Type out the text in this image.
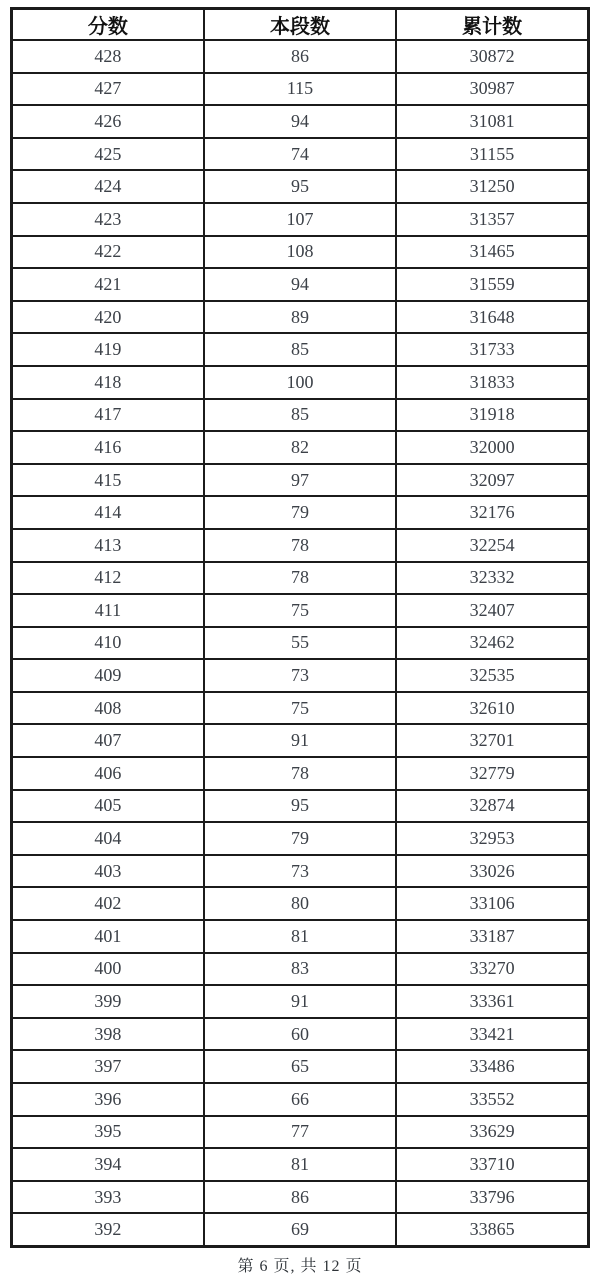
分数	本段数	累计数
428	86	30872
427	115	30987
426	94	31081
425	74	31155
424	95	31250
423	107	31357
422	108	31465
421	94	31559
420	89	31648
419	85	31733
418	100	31833
417	85	31918
416	82	32000
415	97	32097
414	79	32176
413	78	32254
412	78	32332
411	75	32407
410	55	32462
409	73	32535
408	75	32610
407	91	32701
406	78	32779
405	95	32874
404	79	32953
403	73	33026
402	80	33106
401	81	33187
400	83	33270
399	91	33361
398	60	33421
397	65	33486
396	66	33552
395	77	33629
394	81	33710
393	86	33796
392	69	33865
第 6 页, 共 12 页
